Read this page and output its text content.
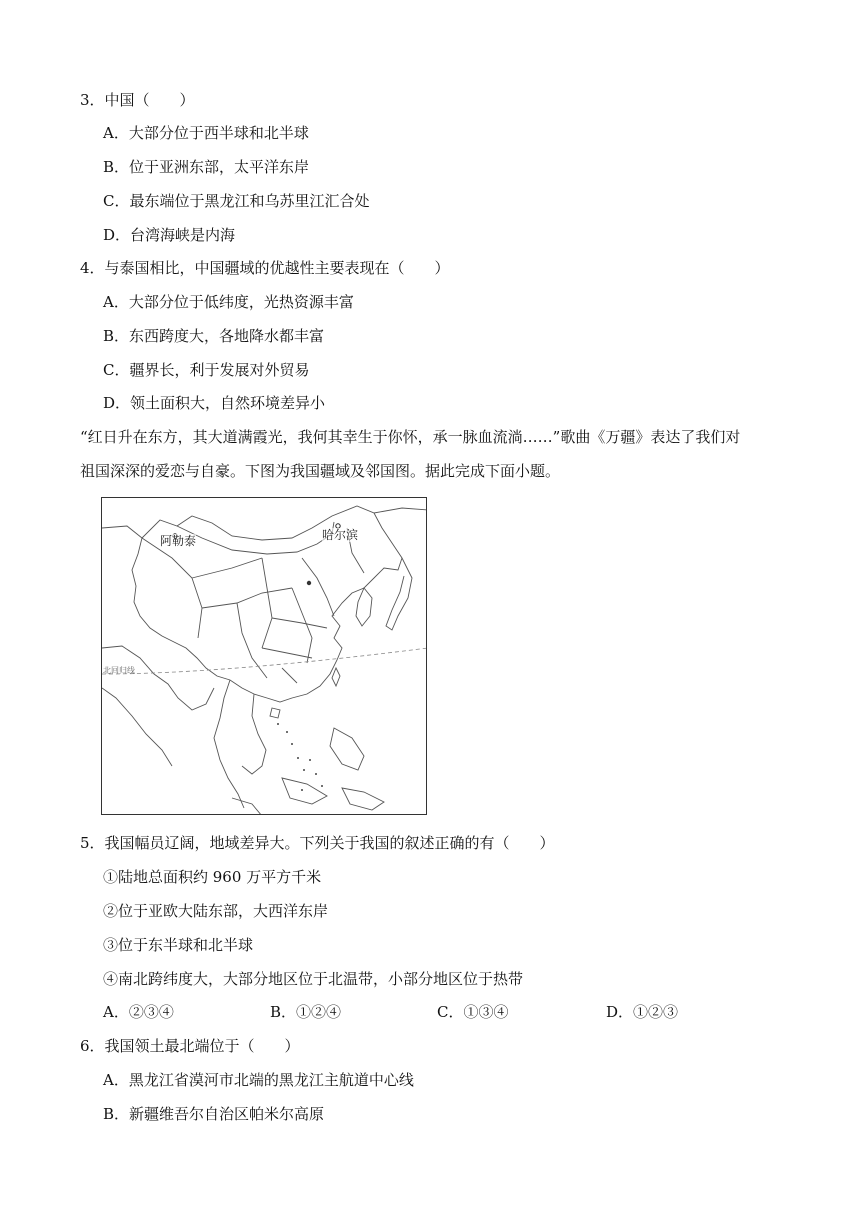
3．中国（　　）
A．大部分位于西半球和北半球
B．位于亚洲东部，太平洋东岸
C．最东端位于黑龙江和乌苏里江汇合处
D．台湾海峡是内海
4．与泰国相比，中国疆域的优越性主要表现在（　　）
A．大部分位于低纬度，光热资源丰富
B．东西跨度大，各地降水都丰富
C．疆界长，利于发展对外贸易
D．领土面积大，自然环境差异小
“红日升在东方，其大道满霞光，我何其幸生于你怀，承一脉血流淌……”歌曲《万疆》表达了我们对
祖国深深的爱恋与自豪。下图为我国疆域及邻国图。据此完成下面小题。
阿勒泰	哈尔滨
北回归线
5．我国幅员辽阔，地域差异大。下列关于我国的叙述正确的有（　　）
①陆地总面积约 960 万平方千米
②位于亚欧大陆东部，大西洋东岸
③位于东半球和北半球
④南北跨纬度大，大部分地区位于北温带，小部分地区位于热带
A．②③④	B．①②④	C．①③④	D．①②③
6．我国领土最北端位于（　　）
A．黑龙江省漠河市北端的黑龙江主航道中心线
B．新疆维吾尔自治区帕米尔高原
